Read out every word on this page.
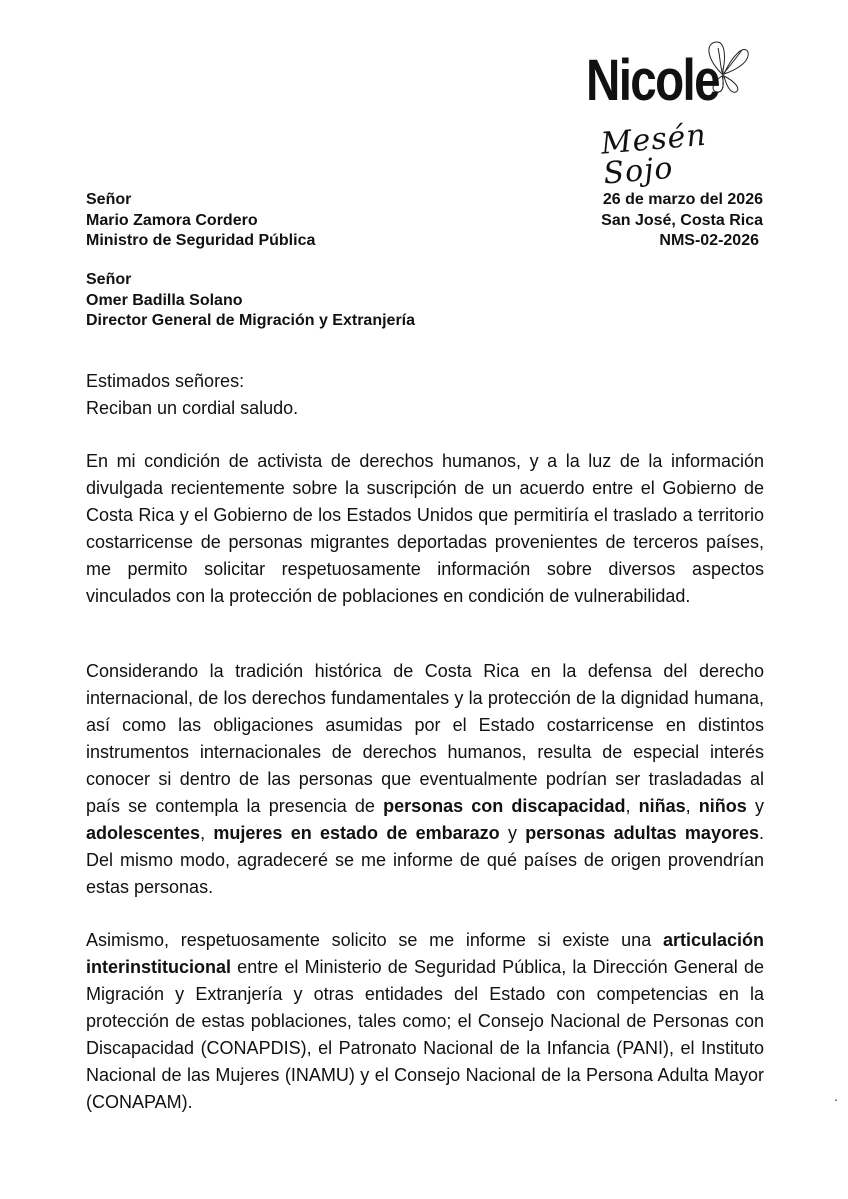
Nicole
Mesén Sojo
Señor
Mario Zamora Cordero
Ministro de Seguridad Pública
26 de marzo del 2026
San José, Costa Rica
NMS-02-2026
Señor
Omer Badilla Solano
Director General de Migración y Extranjería
Estimados señores:
Reciban un cordial saludo.
En mi condición de activista de derechos humanos, y a la luz de la información divulgada recientemente sobre la suscripción de un acuerdo entre el Gobierno de Costa Rica y el Gobierno de los Estados Unidos que permitiría el traslado a territorio costarricense de personas migrantes deportadas provenientes de terceros países, me permito solicitar respetuosamente información sobre diversos aspectos vinculados con la protección de poblaciones en condición de vulnerabilidad.
Considerando la tradición histórica de Costa Rica en la defensa del derecho internacional, de los derechos fundamentales y la protección de la dignidad humana, así como las obligaciones asumidas por el Estado costarricense en distintos instrumentos internacionales de derechos humanos, resulta de especial interés conocer si dentro de las personas que eventualmente podrían ser trasladadas al país se contempla la presencia de personas con discapacidad, niñas, niños y adolescentes, mujeres en estado de embarazo y personas adultas mayores. Del mismo modo, agradeceré se me informe de qué países de origen provendrían estas personas.
Asimismo, respetuosamente solicito se me informe si existe una articulación interinstitucional entre el Ministerio de Seguridad Pública, la Dirección General de Migración y Extranjería y otras entidades del Estado con competencias en la protección de estas poblaciones, tales como; el Consejo Nacional de Personas con Discapacidad (CONAPDIS), el Patronato Nacional de la Infancia (PANI), el Instituto Nacional de las Mujeres (INAMU) y el Consejo Nacional de la Persona Adulta Mayor (CONAPAM).	.
